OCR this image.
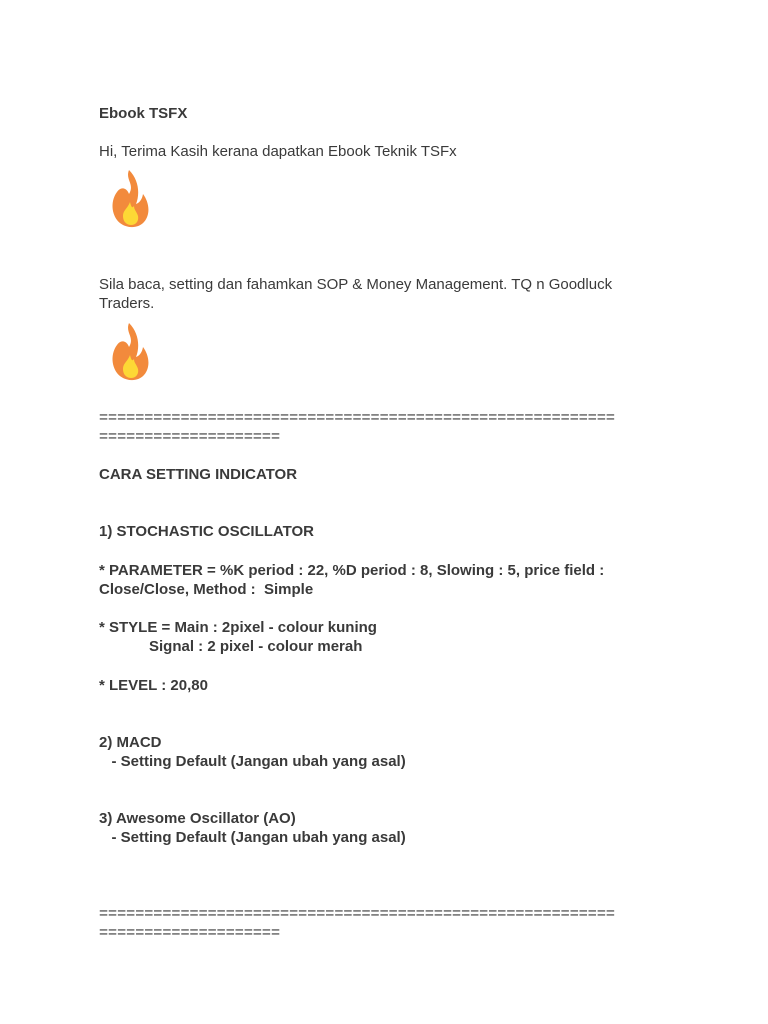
Ebook TSFX
Hi, Terima Kasih kerana dapatkan Ebook Teknik TSFx
Sila baca, setting dan fahamkan SOP & Money Management. TQ n Goodluck
Traders.
=========================================================
====================
CARA SETTING INDICATOR
1) STOCHASTIC OSCILLATOR
* PARAMETER = %K period : 22, %D period : 8, Slowing : 5, price field :
Close/Close, Method :  Simple
* STYLE = Main : 2pixel - colour kuning
Signal : 2 pixel - colour merah
* LEVEL : 20,80
2) MACD
- Setting Default (Jangan ubah yang asal)
3) Awesome Oscillator (AO)
- Setting Default (Jangan ubah yang asal)
=========================================================
====================
